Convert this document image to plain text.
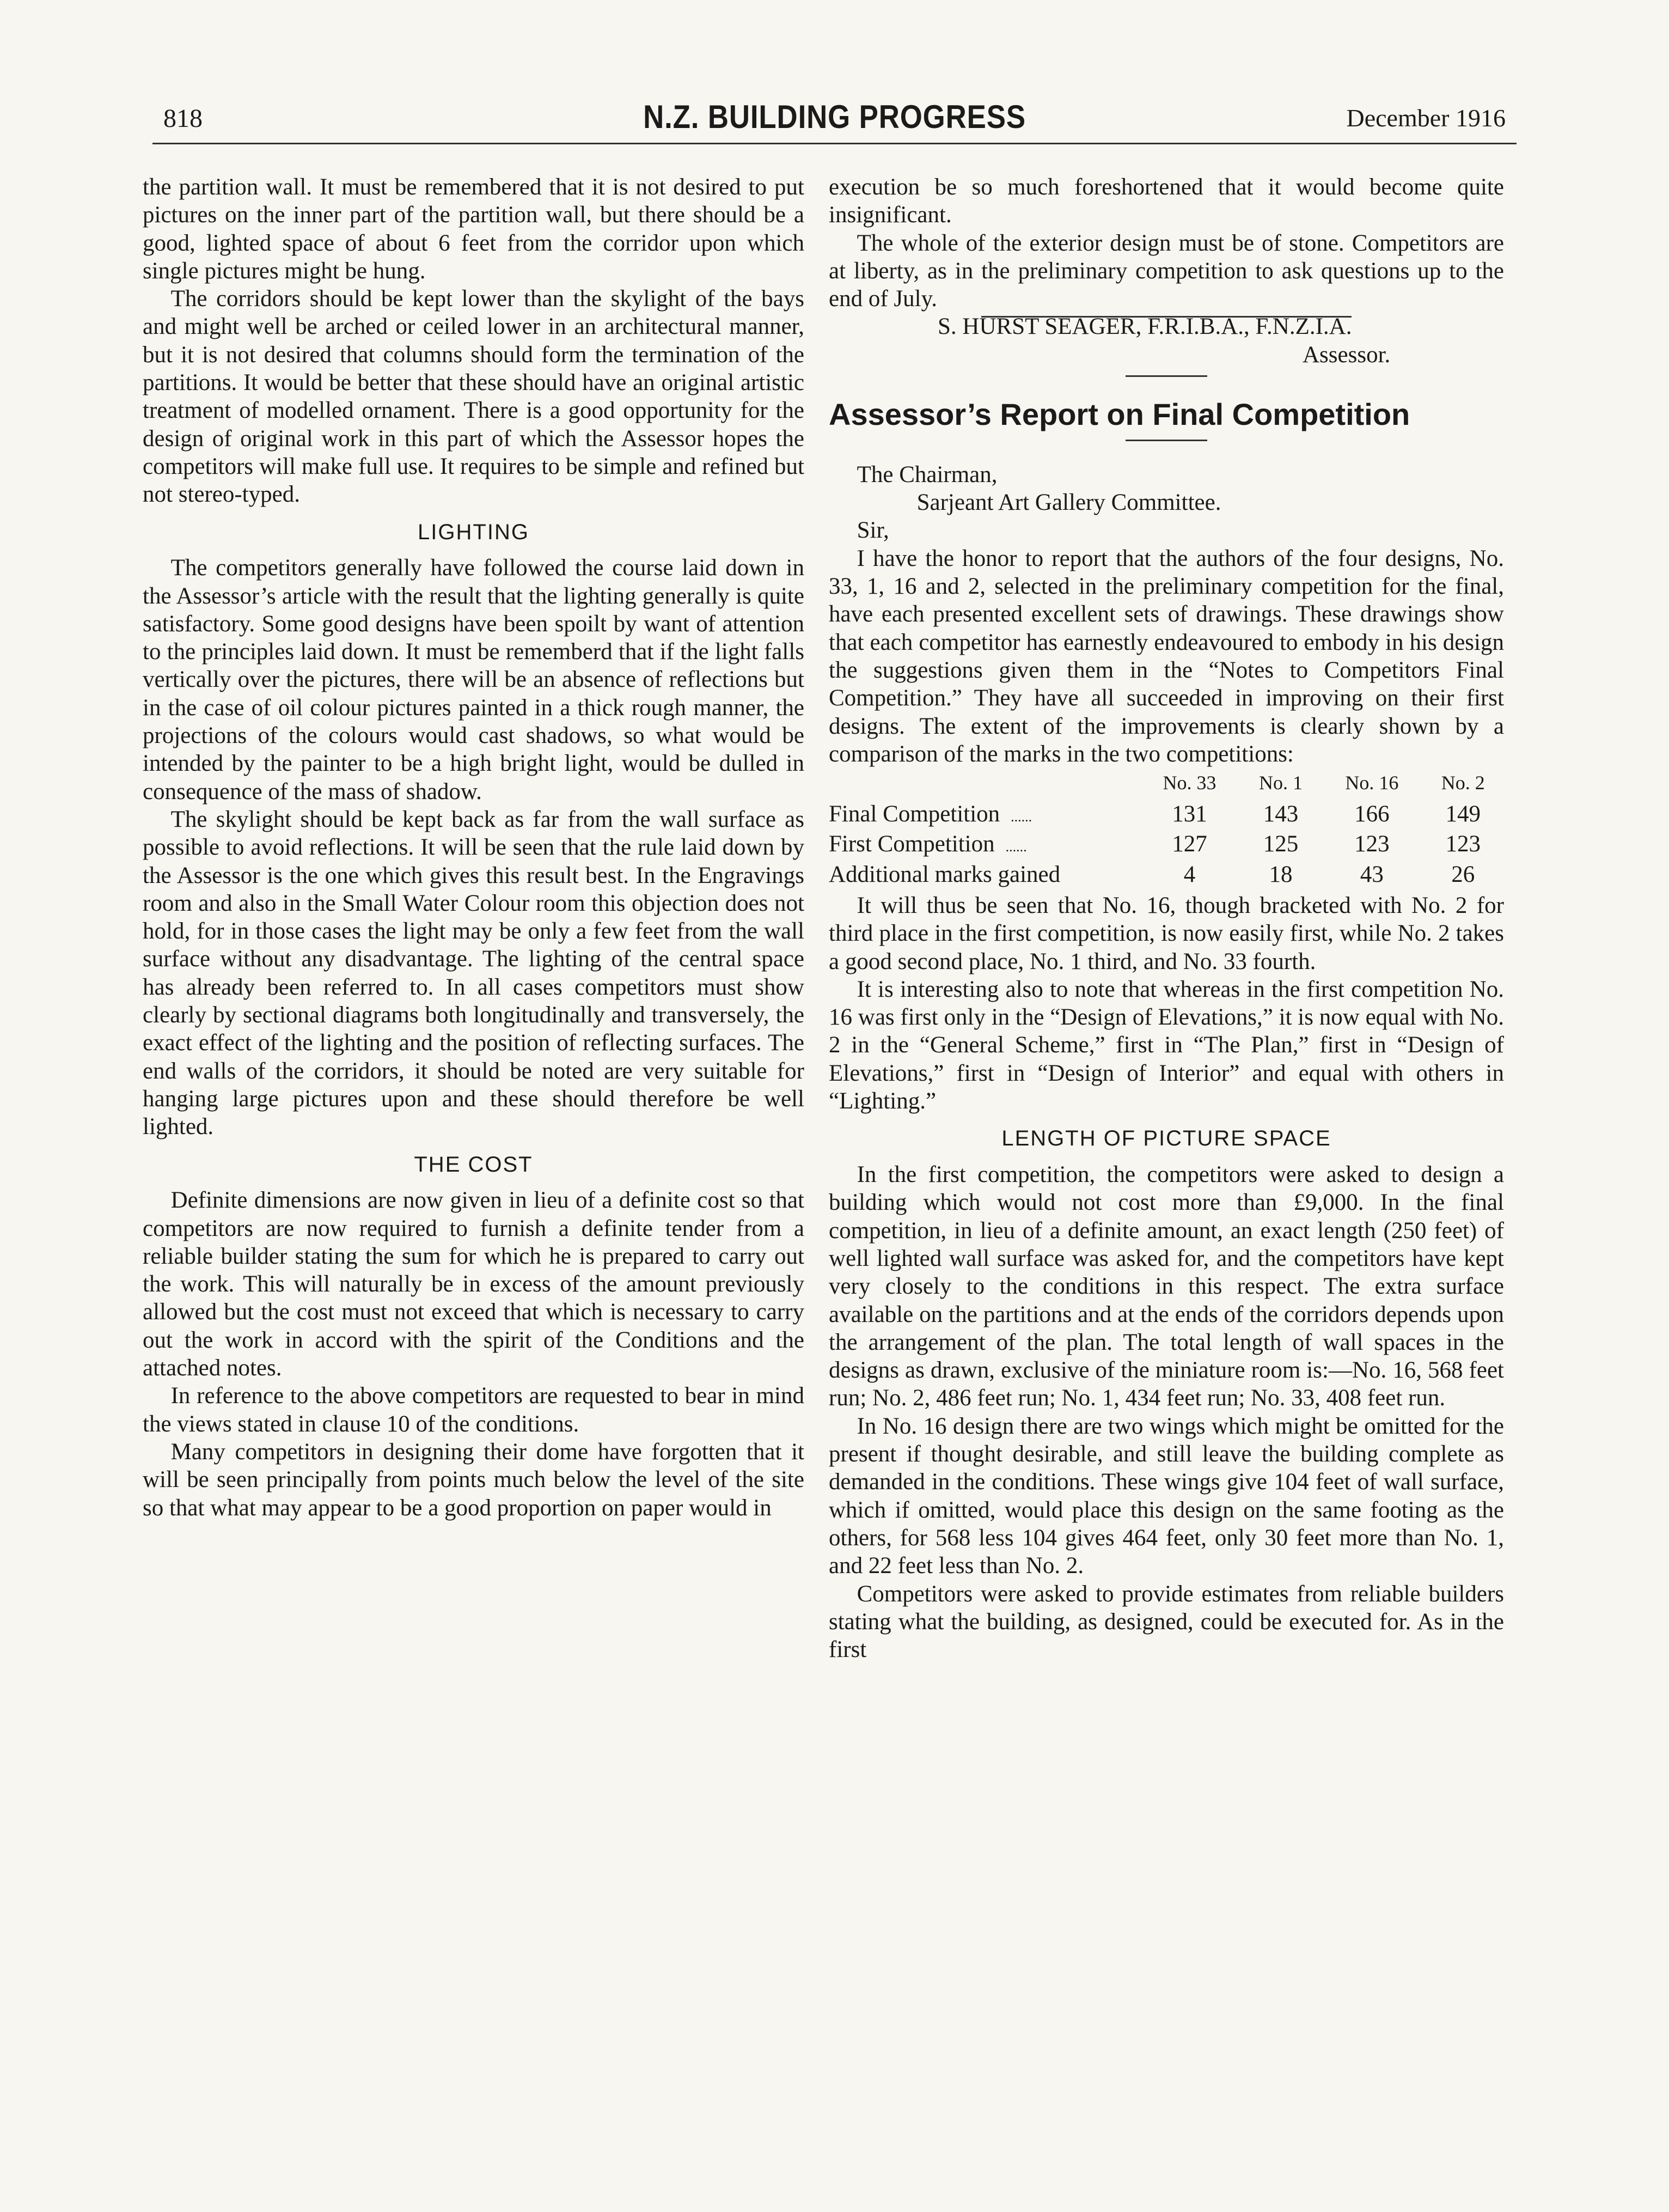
818	N.Z. BUILDING PROGRESS	December 1916

the partition wall. It must be remembered that it is not desired to put pictures on the inner part of the partition wall, but there should be a good, lighted space of about 6 feet from the corridor upon which single pictures might be hung.

The corridors should be kept lower than the skylight of the bays and might well be arched or ceiled lower in an architectural manner, but it is not desired that columns should form the termination of the partitions. It would be better that these should have an original artistic treatment of modelled ornament. There is a good opportunity for the design of original work in this part of which the Assessor hopes the competitors will make full use. It requires to be simple and refined but not stereo-typed.

LIGHTING

The competitors generally have followed the course laid down in the Assessor’s article with the result that the lighting generally is quite satisfactory. Some good designs have been spoilt by want of attention to the principles laid down. It must be rememberd that if the light falls vertically over the pictures, there will be an absence of reflections but in the case of oil colour pictures painted in a thick rough manner, the projections of the colours would cast shadows, so what would be intended by the painter to be a high bright light, would be dulled in consequence of the mass of shadow.

The skylight should be kept back as far from the wall surface as possible to avoid reflections. It will be seen that the rule laid down by the Assessor is the one which gives this result best. In the Engravings room and also in the Small Water Colour room this objection does not hold, for in those cases the light may be only a few feet from the wall surface without any disadvantage. The lighting of the central space has already been referred to. In all cases competitors must show clearly by sectional diagrams both longitudinally and transversely, the exact effect of the lighting and the position of reflecting surfaces. The end walls of the corridors, it should be noted are very suitable for hanging large pictures upon and these should therefore be well lighted.

THE COST

Definite dimensions are now given in lieu of a definite cost so that competitors are now required to furnish a definite tender from a reliable builder stating the sum for which he is prepared to carry out the work. This will naturally be in excess of the amount previously allowed but the cost must not exceed that which is necessary to carry out the work in accord with the spirit of the Conditions and the attached notes.

In reference to the above competitors are requested to bear in mind the views stated in clause 10 of the conditions.

Many competitors in designing their dome have forgotten that it will be seen principally from points much below the level of the site so that what may appear to be a good proportion on paper would in

execution be so much foreshortened that it would become quite insignificant.

The whole of the exterior design must be of stone. Competitors are at liberty, as in the preliminary competition to ask questions up to the end of July.

S. HURST SEAGER, F.R.I.B.A., F.N.Z.I.A.

Assessor.

Assessor’s Report on Final Competition

The Chairman,

Sarjeant Art Gallery Committee.

Sir,

I have the honor to report that the authors of the four designs, No. 33, 1, 16 and 2, selected in the preliminary competition for the final, have each presented excellent sets of drawings. These drawings show that each competitor has earnestly endeavoured to embody in his design the suggestions given them in the “Notes to Competitors Final Competition.” They have all succeeded in improving on their first designs. The extent of the improvements is clearly shown by a comparison of the marks in the two competitions:

	No. 33	No. 1	No. 16	No. 2
Final Competition ......	131	143	166	149
First Competition ......	127	125	123	123

Additional marks gained	4	18	43	26

It will thus be seen that No. 16, though bracketed with No. 2 for third place in the first competition, is now easily first, while No. 2 takes a good second place, No. 1 third, and No. 33 fourth.

It is interesting also to note that whereas in the first competition No. 16 was first only in the “Design of Elevations,” it is now equal with No. 2 in the “General Scheme,” first in “The Plan,” first in “Design of Elevations,” first in “Design of Interior” and equal with others in “Lighting.”

LENGTH OF PICTURE SPACE

In the first competition, the competitors were asked to design a building which would not cost more than £9,000. In the final competition, in lieu of a definite amount, an exact length (250 feet) of well lighted wall surface was asked for, and the competitors have kept very closely to the conditions in this respect. The extra surface available on the partitions and at the ends of the corridors depends upon the arrangement of the plan. The total length of wall spaces in the designs as drawn, exclusive of the miniature room is:—No. 16, 568 feet run; No. 2, 486 feet run; No. 1, 434 feet run; No. 33, 408 feet run.

In No. 16 design there are two wings which might be omitted for the present if thought desirable, and still leave the building complete as demanded in the conditions. These wings give 104 feet of wall surface, which if omitted, would place this design on the same footing as the others, for 568 less 104 gives 464 feet, only 30 feet more than No. 1, and 22 feet less than No. 2.

Competitors were asked to provide estimates from reliable builders stating what the building, as designed, could be executed for. As in the first
